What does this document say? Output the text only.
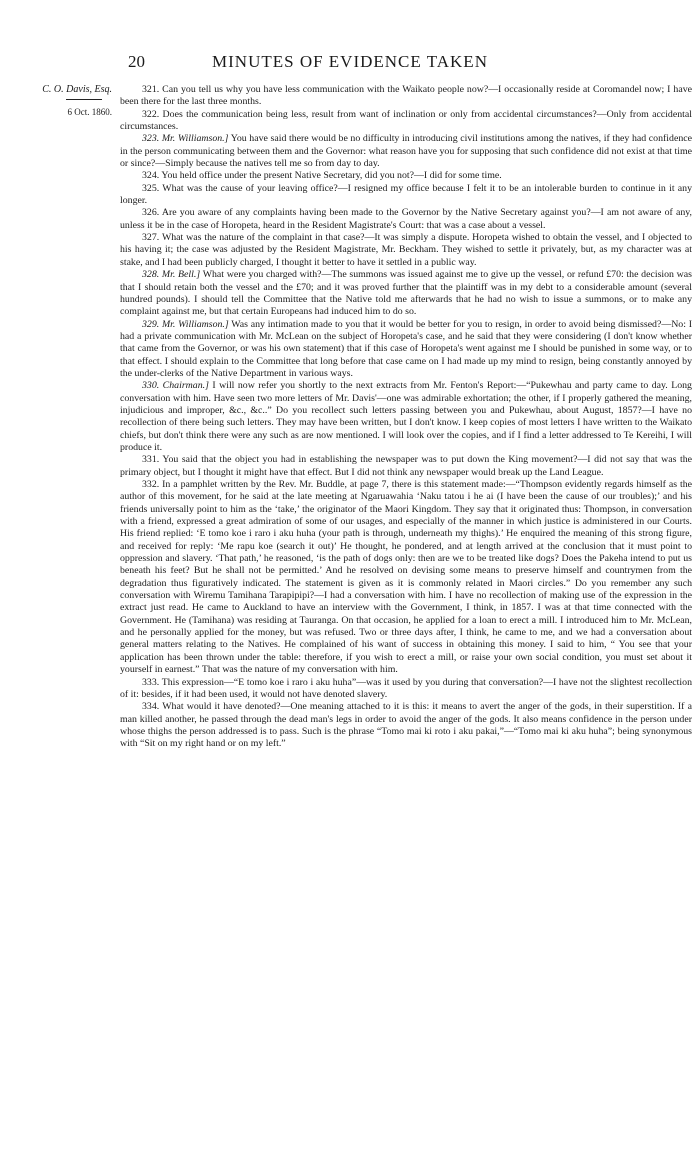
20	MINUTES OF EVIDENCE TAKEN
C. O. Davis, Esq.
6 Oct. 1860.

321. Can you tell us why you have less communication with the Waikato people now?—I occasionally reside at Coromandel now; I have been there for the last three months.

322. Does the communication being less, result from want of inclination or only from accidental circumstances?—Only from accidental circumstances.

323. Mr. Williamson.] You have said there would be no difficulty in introducing civil institutions among the natives, if they had confidence in the person communicating between them and the Governor: what reason have you for supposing that such confidence did not exist at that time or since?—Simply because the natives tell me so from day to day.

324. You held office under the present Native Secretary, did you not?—I did for some time.

325. What was the cause of your leaving office?—I resigned my office because I felt it to be an intolerable burden to continue in it any longer.

326. Are you aware of any complaints having been made to the Governor by the Native Secretary against you?—I am not aware of any, unless it be in the case of Horopeta, heard in the Resident Magistrate's Court: that was a case about a vessel.

327. What was the nature of the complaint in that case?—It was simply a dispute. Horopeta wished to obtain the vessel, and I objected to his having it; the case was adjusted by the Resident Magistrate, Mr. Beckham. They wished to settle it privately, but, as my character was at stake, and I had been publicly charged, I thought it better to have it settled in a public way.

328. Mr. Bell.] What were you charged with?—The summons was issued against me to give up the vessel, or refund £70: the decision was that I should retain both the vessel and the £70; and it was proved further that the plaintiff was in my debt to a considerable amount (several hundred pounds). I should tell the Committee that the Native told me afterwards that he had no wish to issue a summons, or to make any complaint against me, but that certain Europeans had induced him to do so.

329. Mr. Williamson.] Was any intimation made to you that it would be better for you to resign, in order to avoid being dismissed?—No: I had a private communication with Mr. McLean on the subject of Horopeta's case, and he said that they were considering (I don't know whether that came from the Governor, or was his own statement) that if this case of Horopeta's went against me I should be punished in some way, or to that effect. I should explain to the Committee that long before that case came on I had made up my mind to resign, being constantly annoyed by the under-clerks of the Native Department in various ways.

330. Chairman.] I will now refer you shortly to the next extracts from Mr. Fenton's Report:—“Pukewhau and party came to day. Long conversation with him. Have seen two more letters of Mr. Davis'—one was admirable exhortation; the other, if I properly gathered the meaning, injudicious and improper, &c., &c..” Do you recollect such letters passing between you and Pukewhau, about August, 1857?—I have no recollection of there being such letters. They may have been written, but I don't know. I keep copies of most letters I have written to the Waikato chiefs, but don't think there were any such as are now mentioned. I will look over the copies, and if I find a letter addressed to Te Kereihi, I will produce it.

331. You said that the object you had in establishing the newspaper was to put down the King movement?—I did not say that was the primary object, but I thought it might have that effect. But I did not think any newspaper would break up the Land League.

332. In a pamphlet written by the Rev. Mr. Buddle, at page 7, there is this statement made:—“Thompson evidently regards himself as the author of this movement, for he said at the late meeting at Ngaruawahia ‘Naku tatou i he ai (I have been the cause of our troubles);’ and his friends universally point to him as the ‘take,’ the originator of the Maori Kingdom. They say that it originated thus: Thompson, in conversation with a friend, expressed a great admiration of some of our usages, and especially of the manner in which justice is administered in our Courts. His friend replied: ‘E tomo koe i raro i aku huha (your path is through, underneath my thighs).’ He enquired the meaning of this strong figure, and received for reply: ‘Me rapu koe (search it out)’ He thought, he pondered, and at length arrived at the conclusion that it must point to oppression and slavery. ‘That path,’ he reasoned, ‘is the path of dogs only: then are we to be treated like dogs? Does the Pakeha intend to put us beneath his feet? But he shall not be permitted.’ And he resolved on devising some means to preserve himself and countrymen from the degradation thus figuratively indicated. The statement is given as it is commonly related in Maori circles.” Do you remember any such conversation with Wiremu Tamihana Tarapipipi?—I had a conversation with him. I have no recollection of making use of the expression in the extract just read. He came to Auckland to have an interview with the Government, I think, in 1857. I was at that time connected with the Government. He (Tamihana) was residing at Tauranga. On that occasion, he applied for a loan to erect a mill. I introduced him to Mr. McLean, and he personally applied for the money, but was refused. Two or three days after, I think, he came to me, and we had a conversation about general matters relating to the Natives. He complained of his want of success in obtaining this money. I said to him, “ You see that your application has been thrown under the table: therefore, if you wish to erect a mill, or raise your own social condition, you must set about it yourself in earnest.” That was the nature of my conversation with him.

333. This expression—“E tomo koe i raro i aku huha”—was it used by you during that conversation?—I have not the slightest recollection of it: besides, if it had been used, it would not have denoted slavery.

334. What would it have denoted?—One meaning attached to it is this: it means to avert the anger of the gods, in their superstition. If a man killed another, he passed through the dead man's legs in order to avoid the anger of the gods. It also means confidence in the person under whose thighs the person addressed is to pass. Such is the phrase “Tomo mai ki roto i aku pakai,”—“Tomo mai ki aku huha”; being synonymous with “Sit on my right hand or on my left.”
